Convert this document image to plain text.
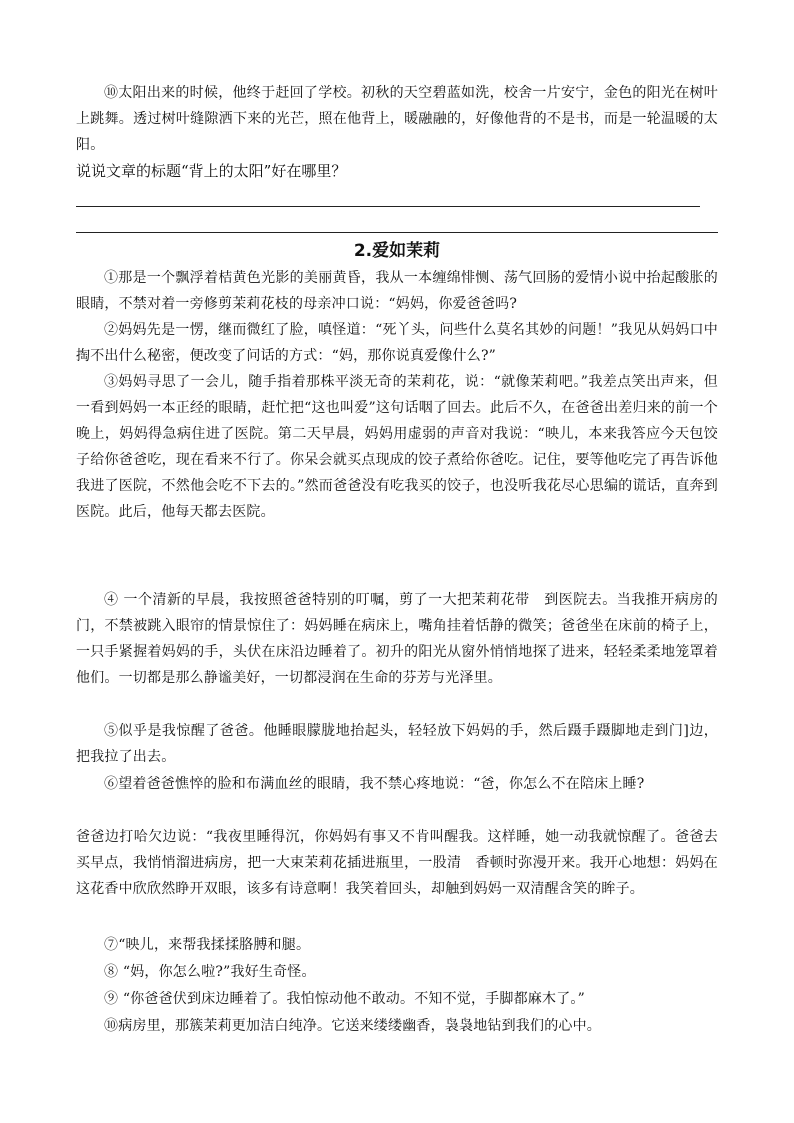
⑩太阳出来的时候，他终于赶回了学校。初秋的天空碧蓝如洗，校舍一片安宁，金色的阳光在树叶上跳舞。透过树叶缝隙洒下来的光芒，照在他背上，暖融融的，好像他背的不是书，而是一轮温暖的太阳。

说说文章的标题“背上的太阳”好在哪里？

2.爱如茉莉

①那是一个飘浮着桔黄色光影的美丽黄昏，我从一本缠绵悱恻、荡气回肠的爱情小说中抬起酸胀的眼睛，不禁对着一旁修剪茉莉花枝的母亲冲口说：“妈妈，你爱爸爸吗?

②妈妈先是一愣，继而微红了脸，嗔怪道：“死丫头，问些什么莫名其妙的问题！”我见从妈妈口中掏不出什么秘密，便改变了问话的方式：“妈，那你说真爱像什么?”

③妈妈寻思了一会儿，随手指着那株平淡无奇的茉莉花，说：“就像茉莉吧。”我差点笑出声来，但一看到妈妈一本正经的眼睛，赶忙把“这也叫爱”这句话咽了回去。此后不久，在爸爸出差归来的前一个晚上，妈妈得急病住进了医院。第二天早晨，妈妈用虚弱的声音对我说：“映儿，本来我答应今天包饺子给你爸爸吃，现在看来不行了。你呆会就买点现成的饺子煮给你爸吃。记住，要等他吃完了再告诉他我进了医院，不然他会吃不下去的。”然而爸爸没有吃我买的饺子，也没听我花尽心思编的谎话，直奔到医院。此后，他每天都去医院。

④ 一个清新的早晨，我按照爸爸特别的叮嘱，剪了一大把茉莉花带　到医院去。当我推开病房的门，不禁被跳入眼帘的情景惊住了：妈妈睡在病床上，嘴角挂着恬静的微笑；爸爸坐在床前的椅子上，一只手紧握着妈妈的手，头伏在床沿边睡着了。初升的阳光从窗外悄悄地探了进来，轻轻柔柔地笼罩着他们。一切都是那么静谧美好，一切都浸润在生命的芬芳与光泽里。

⑤似乎是我惊醒了爸爸。他睡眼朦胧地抬起头，轻轻放下妈妈的手，然后蹑手蹑脚地走到门]边，把我拉了出去。

⑥望着爸爸憔悴的脸和布满血丝的眼睛，我不禁心疼地说：“爸，你怎么不在陪床上睡?

爸爸边打哈欠边说：“我夜里睡得沉，你妈妈有事又不肯叫醒我。这样睡，她一动我就惊醒了。爸爸去买早点，我悄悄溜进病房，把一大束茉莉花插进瓶里，一股清　香顿时弥漫开来。我开心地想：妈妈在这花香中欣欣然睁开双眼，该多有诗意啊！我笑着回头，却触到妈妈一双清醒含笑的眸子。

⑦“映儿，来帮我揉揉胳膊和腿。

⑧ “妈，你怎么啦?”我好生奇怪。

⑨ “你爸爸伏到床边睡着了。我怕惊动他不敢动。不知不觉，手脚都麻木了。”

⑩病房里，那簇茉莉更加洁白纯净。它送来缕缕幽香，袅袅地钻到我们的心中。
